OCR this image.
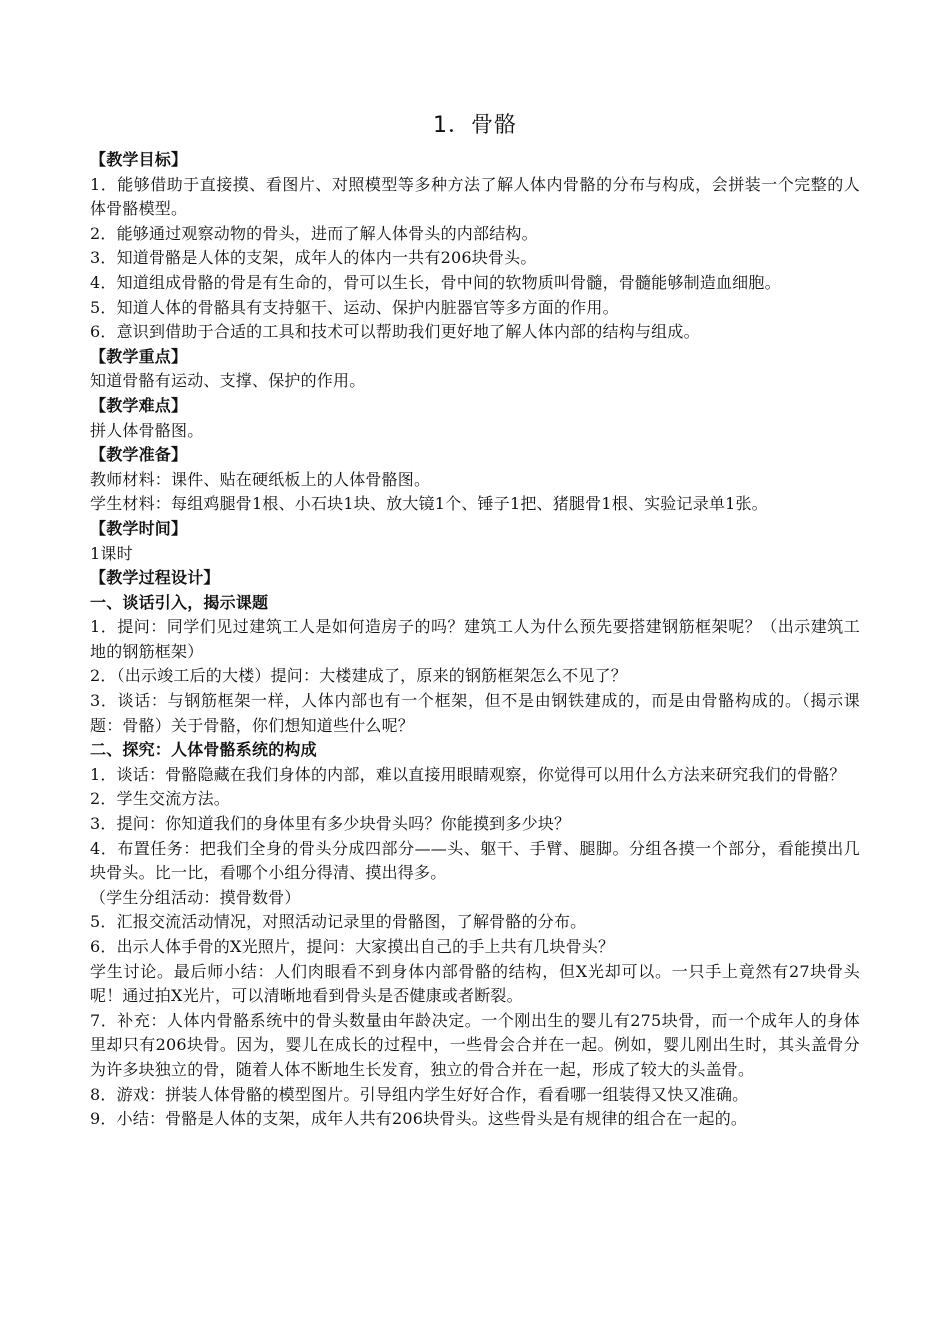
1．骨骼
【教学目标】

1．能够借助于直接摸、看图片、对照模型等多种方法了解人体内骨骼的分布与构成，会拼装一个完整的人体骨骼模型。

2．能够通过观察动物的骨头，进而了解人体骨头的内部结构。

3．知道骨骼是人体的支架，成年人的体内一共有206块骨头。

4．知道组成骨骼的骨是有生命的，骨可以生长，骨中间的软物质叫骨髓，骨髓能够制造血细胞。

5．知道人体的骨骼具有支持躯干、运动、保护内脏器官等多方面的作用。

6．意识到借助于合适的工具和技术可以帮助我们更好地了解人体内部的结构与组成。

【教学重点】

知道骨骼有运动、支撑、保护的作用。

【教学难点】

拼人体骨骼图。

【教学准备】

教师材料：课件、贴在硬纸板上的人体骨骼图。

学生材料：每组鸡腿骨1根、小石块1块、放大镜1个、锤子1把、猪腿骨1根、实验记录单1张。

【教学时间】

1课时

【教学过程设计】
一、谈话引入，揭示课题

1．提问：同学们见过建筑工人是如何造房子的吗？建筑工人为什么预先要搭建钢筋框架呢？（出示建筑工地的钢筋框架）

2．（出示竣工后的大楼）提问：大楼建成了，原来的钢筋框架怎么不见了？

3．谈话：与钢筋框架一样，人体内部也有一个框架，但不是由钢铁建成的，而是由骨骼构成的。（揭示课题：骨骼）关于骨骼，你们想知道些什么呢？

二、探究：人体骨骼系统的构成

1．谈话：骨骼隐藏在我们身体的内部，难以直接用眼睛观察，你觉得可以用什么方法来研究我们的骨骼？

2．学生交流方法。

3．提问：你知道我们的身体里有多少块骨头吗？你能摸到多少块？

4．布置任务：把我们全身的骨头分成四部分——头、躯干、手臂、腿脚。分组各摸一个部分，看能摸出几块骨头。比一比，看哪个小组分得清、摸出得多。

（学生分组活动：摸骨数骨）

5．汇报交流活动情况，对照活动记录里的骨骼图，了解骨骼的分布。

6．出示人体手骨的X光照片，提问：大家摸出自己的手上共有几块骨头？

学生讨论。最后师小结：人们肉眼看不到身体内部骨骼的结构，但X光却可以。一只手上竟然有27块骨头呢！通过拍X光片，可以清晰地看到骨头是否健康或者断裂。

7．补充：人体内骨骼系统中的骨头数量由年龄决定。一个刚出生的婴儿有275块骨，而一个成年人的身体里却只有206块骨。因为，婴儿在成长的过程中，一些骨会合并在一起。例如，婴儿刚出生时，其头盖骨分为许多块独立的骨，随着人体不断地生长发育，独立的骨合并在一起，形成了较大的头盖骨。

8．游戏：拼装人体骨骼的模型图片。引导组内学生好好合作，看看哪一组装得又快又准确。

9．小结：骨骼是人体的支架，成年人共有206块骨头。这些骨头是有规律的组合在一起的。
